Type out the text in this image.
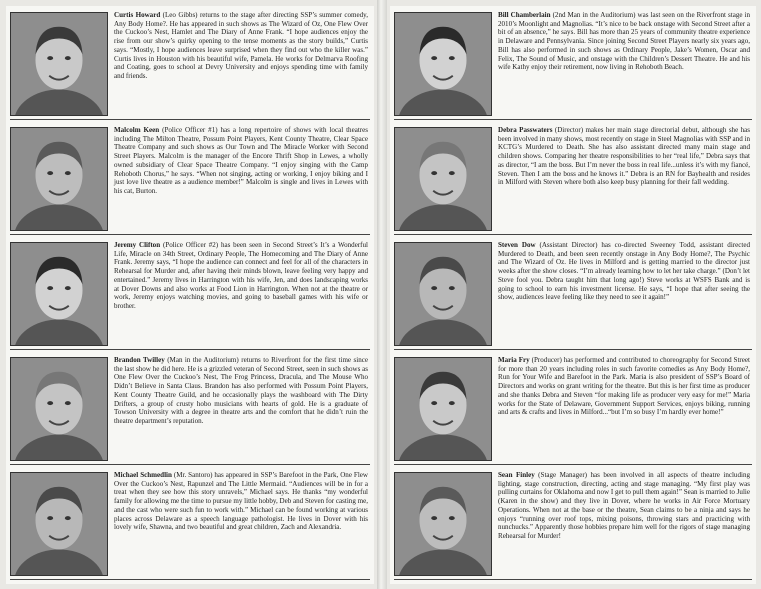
Curtis Howard (Leo Gibbs) returns to the stage after directing SSP’s summer comedy, Any Body Home?. He has appeared in such shows as The Wizard of Oz, One Flew Over the Cuckoo’s Nest, Hamlet and The Diary of Anne Frank. “I hope audiences enjoy the rise from our show’s quirky opening to the tense moments as the story builds,” Curtis says. “Mostly, I hope audiences leave surprised when they find out who the killer was.” Curtis lives in Houston with his beautiful wife, Pamela. He works for Delmarva Roofing and Coating, goes to school at Devry University and enjoys spending time with family and friends.
Malcolm Keen (Police Officer #1) has a long repertoire of shows with local theatres including The Milton Theatre, Possum Point Players, Kent County Theatre, Clear Space Theatre Company and such shows as Our Town and The Miracle Worker with Second Street Players. Malcolm is the manager of the Encore Thrift Shop in Lewes, a wholly owned subsidiary of Clear Space Theatre Company. “I enjoy singing with the Camp Rehoboth Chorus,” he says. “When not singing, acting or working, I enjoy biking and I just love live theatre as a audience member!” Malcolm is single and lives in Lewes with his cat, Burton.
Jeremy Clifton (Police Officer #2) has been seen in Second Street’s It’s a Wonderful Life, Miracle on 34th Street, Ordinary People, The Homecoming and The Diary of Anne Frank. Jeremy says, “I hope the audience can connect and feel for all of the characters in Rehearsal for Murder and, after having their minds blown, leave feeling very happy and entertained.” Jeremy lives in Harrington with his wife, Jen, and does landscaping works at Dover Downs and also works at Food Lion in Harrington. When not at the theatre or work, Jeremy enjoys watching movies, and going to baseball games with his wife or brother.
Brandon Twilley (Man in the Auditorium) returns to Riverfront for the first time since the last show he did here. He is a grizzled veteran of Second Street, seen in such shows as One Flew Over the Cuckoo’s Nest, The Frog Princess, Dracula, and The Mouse Who Didn’t Believe in Santa Claus. Brandon has also performed with Possum Point Players, Kent County Theatre Guild, and he occasionally plays the washboard with The Dirty Drifters, a group of crusty hobo musicians with hearts of gold. He is a graduate of Towson University with a degree in theatre arts and the comfort that he didn’t ruin the theatre department’s reputation.
Michael Schmedlin (Mr. Santoro) has appeared in SSP’s Barefoot in the Park, One Flew Over the Cuckoo’s Nest, Rapunzel and The Little Mermaid. “Audiences will be in for a treat when they see how this story unravels,” Michael says. He thanks “my wonderful family for allowing me the time to pursue my little hobby, Deb and Steven for casting me, and the cast who were such fun to work with.” Michael can be found working at various places across Delaware as a speech language pathologist. He lives in Dover with his lovely wife, Shawna, and two beautiful and great children, Zach and Alexandria.
Bill Chamberlain (2nd Man in the Auditorium) was last seen on the Riverfront stage in 2010’s Moonlight and Magnolias. “It’s nice to be back onstage with Second Street after a bit of an absence,” he says. Bill has more than 25 years of community theatre experience in Delaware and Pennsylvania. Since joining Second Street Players nearly six years ago, Bill has also performed in such shows as Ordinary People, Jake’s Women, Oscar and Felix, The Sound of Music, and onstage with the Children’s Dessert Theatre. He and his wife Kathy enjoy their retirement, now living in Rehoboth Beach.
Debra Passwaters (Director) makes her main stage directorial debut, although she has been involved in many shows, most recently on stage in Steel Magnolias with SSP and in KCTG’s Murdered to Death. She has also assistant directed many main stage and children shows. Comparing her theatre responsibilities to her “real life,” Debra says that as director, “I am the boss. But I’m never the boss in real life...unless it’s with my fiancé, Steven. Then I am the boss and he knows it.” Debra is an RN for Bayhealth and resides in Milford with Steven where both also keep busy planning for their fall wedding.
Steven Dow (Assistant Director) has co-directed Sweeney Todd, assistant directed Murdered to Death, and been seen recently onstage in Any Body Home?, The Psychic and The Wizard of Oz. He lives in Milford and is getting married to the director just weeks after the show closes. “I’m already learning how to let her take charge.” (Don’t let Steve fool you. Debra taught him that long ago!) Steve works at WSFS Bank and is going to school to earn his investment license. He says, “I hope that after seeing the show, audiences leave feeling like they need to see it again!”
Maria Fry (Producer) has performed and contributed to choreography for Second Street for more than 20 years including roles in such favorite comedies as Any Body Home?, Run for Your Wife and Barefoot in the Park. Maria is also president of SSP’s Board of Directors and works on grant writing for the theatre. But this is her first time as producer and she thanks Debra and Steven “for making life as producer very easy for me!” Maria works for the State of Delaware, Government Support Services, enjoys biking, running and arts & crafts and lives in Milford...“but I’m so busy I’m hardly ever home!”
Sean Finley (Stage Manager) has been involved in all aspects of theatre including lighting, stage construction, directing, acting and stage managing. “My first play was pulling curtains for Oklahoma and now I get to pull them again!” Sean is married to Julie (Karen in the show) and they live in Dover, where he works in Air Force Mortuary Operations. When not at the base or the theatre, Sean claims to be a ninja and says he enjoys “running over roof tops, mixing poisons, throwing stars and practicing with nunchucks.” Apparently those hobbies prepare him well for the rigors of stage managing Rehearsal for Murder!
